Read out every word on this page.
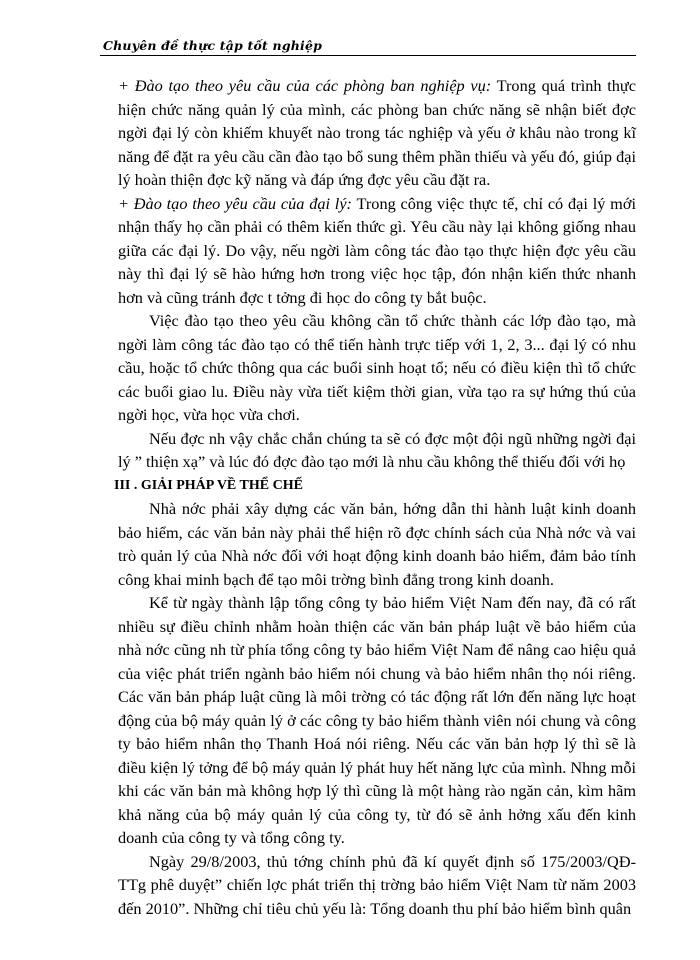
Chuyên đề thực tập tốt nghiệp

+ Đào tạo theo yêu cầu của các phòng ban nghiệp vụ: Trong quá trình thực hiện chức năng quản lý của mình, các phòng ban chức năng sẽ nhận biết đợc ngời đại lý còn khiếm khuyết nào trong tác nghiệp và yếu ở khâu nào trong kĩ năng để đặt ra yêu cầu cần đào tạo bổ sung thêm phần thiếu và yếu đó, giúp đại lý hoàn thiện đợc kỹ năng và đáp ứng đợc yêu cầu đặt ra.

+ Đào tạo theo yêu cầu của đại lý: Trong công việc thực tế, chỉ có đại lý mới nhận thấy họ cần phải có thêm kiến thức gì. Yêu cầu này lại không giống nhau giữa các đại lý. Do vậy, nếu ngời làm công tác đào tạo thực hiện đợc yêu cầu này thì đại lý sẽ hào hứng hơn trong việc học tập, đón nhận kiến thức nhanh hơn và cũng tránh đợc t tởng đi học do công ty bắt buộc.

Việc đào tạo theo yêu cầu không cần tổ chức thành các lớp đào tạo, mà ngời làm công tác đào tạo có thể tiến hành trực tiếp với 1, 2, 3... đại lý có nhu cầu, hoặc tổ chức thông qua các buổi sinh hoạt tổ; nếu có điều kiện thì tổ chức các buổi giao lu. Điều này vừa tiết kiệm thời gian, vừa tạo ra sự hứng thú của ngời học, vừa học vừa chơi.

Nếu đợc nh vậy chắc chắn chúng ta sẽ có đợc một đội ngũ những ngời đại lý ” thiện xạ” và lúc đó đợc đào tạo mới là nhu cầu không thể thiếu đối với họ

III . GIẢI PHÁP VỀ THỂ CHẾ

Nhà nớc phải xây dựng các văn bản, hớng dẫn thi hành luật kinh doanh bảo hiểm, các văn bản này phải thể hiện rõ đợc chính sách của Nhà nớc và vai trò quản lý của Nhà nớc đối với hoạt động kinh doanh bảo hiểm, đảm bảo tính công khai minh bạch để tạo môi trờng bình đẳng trong kinh doanh.

Kể từ ngày thành lập tổng công ty bảo hiểm Việt Nam đến nay, đã có rất nhiều sự điều chỉnh nhằm hoàn thiện các văn bản pháp luật về bảo hiểm của nhà nớc cũng nh từ phía tổng công ty bảo hiểm Việt Nam để nâng cao hiệu quả của việc phát triển ngành bảo hiểm nói chung và bảo hiểm nhân thọ nói riêng. Các văn bản pháp luật cũng là môi trờng có tác động rất lớn đến năng lực hoạt động của bộ máy quản lý ở các công ty bảo hiểm thành viên nói chung và công ty bảo hiểm nhân thọ Thanh Hoá nói riêng. Nếu các văn bản hợp lý thì sẽ là điều kiện lý tởng để bộ máy quản lý phát huy hết năng lực của mình. Nhng mỗi khi các văn bản mà không hợp lý thì cũng là một hàng rào ngăn cản, kìm hãm khả năng của bộ máy quản lý của công ty, từ đó sẽ ảnh hởng xấu đến kinh doanh của công ty và tổng công ty.

Ngày 29/8/2003, thủ tớng chính phủ đã kí quyết định số 175/2003/QĐ-TTg phê duyệt” chiến lợc phát triển thị trờng bảo hiểm Việt Nam từ năm 2003 đến 2010”. Những chỉ tiêu chủ yếu là: Tổng doanh thu phí bảo hiểm bình quân
